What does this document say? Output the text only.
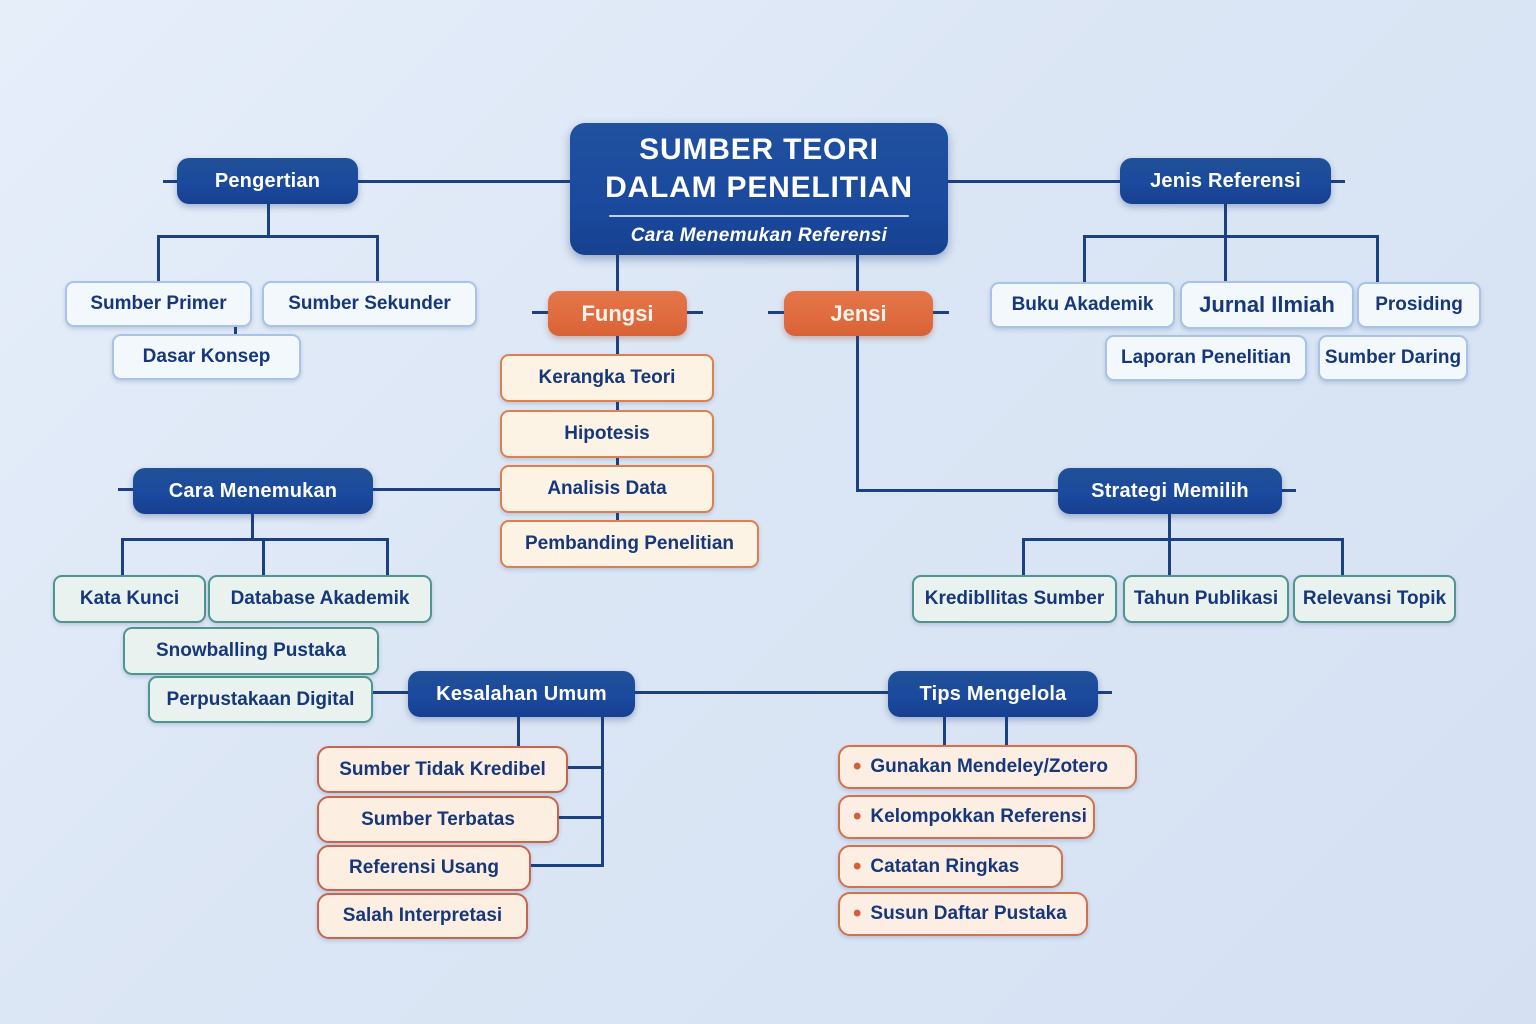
SUMBER TEORI
DALAM PENELITIAN
Cara Menemukan Referensi
Pengertian
Sumber Primer	Sumber Sekunder
Dasar Konsep
Jenis Referensi
Buku Akademik Jurnal Ilmiah Prosiding
Laporan Penelitian Sumber Daring
Fungsi
Kerangka Teori
Hipotesis
Analisis Data
Pembanding Penelitian
Jensi
Cara Menemukan
Kata Kunci	Database Akademik
Snowballing Pustaka
Perpustakaan Digital
Strategi Memilih
Kredibllitas Sumber Tahun Publikasi Relevansi Topik
Kesalahan Umum
Sumber Tidak Kredibel
Sumber Terbatas
Referensi Usang
Salah Interpretasi
Tips Mengelola
• Gunakan Mendeley/Zotero
• Kelompokkan Referensi
• Catatan Ringkas
• Susun Daftar Pustaka
